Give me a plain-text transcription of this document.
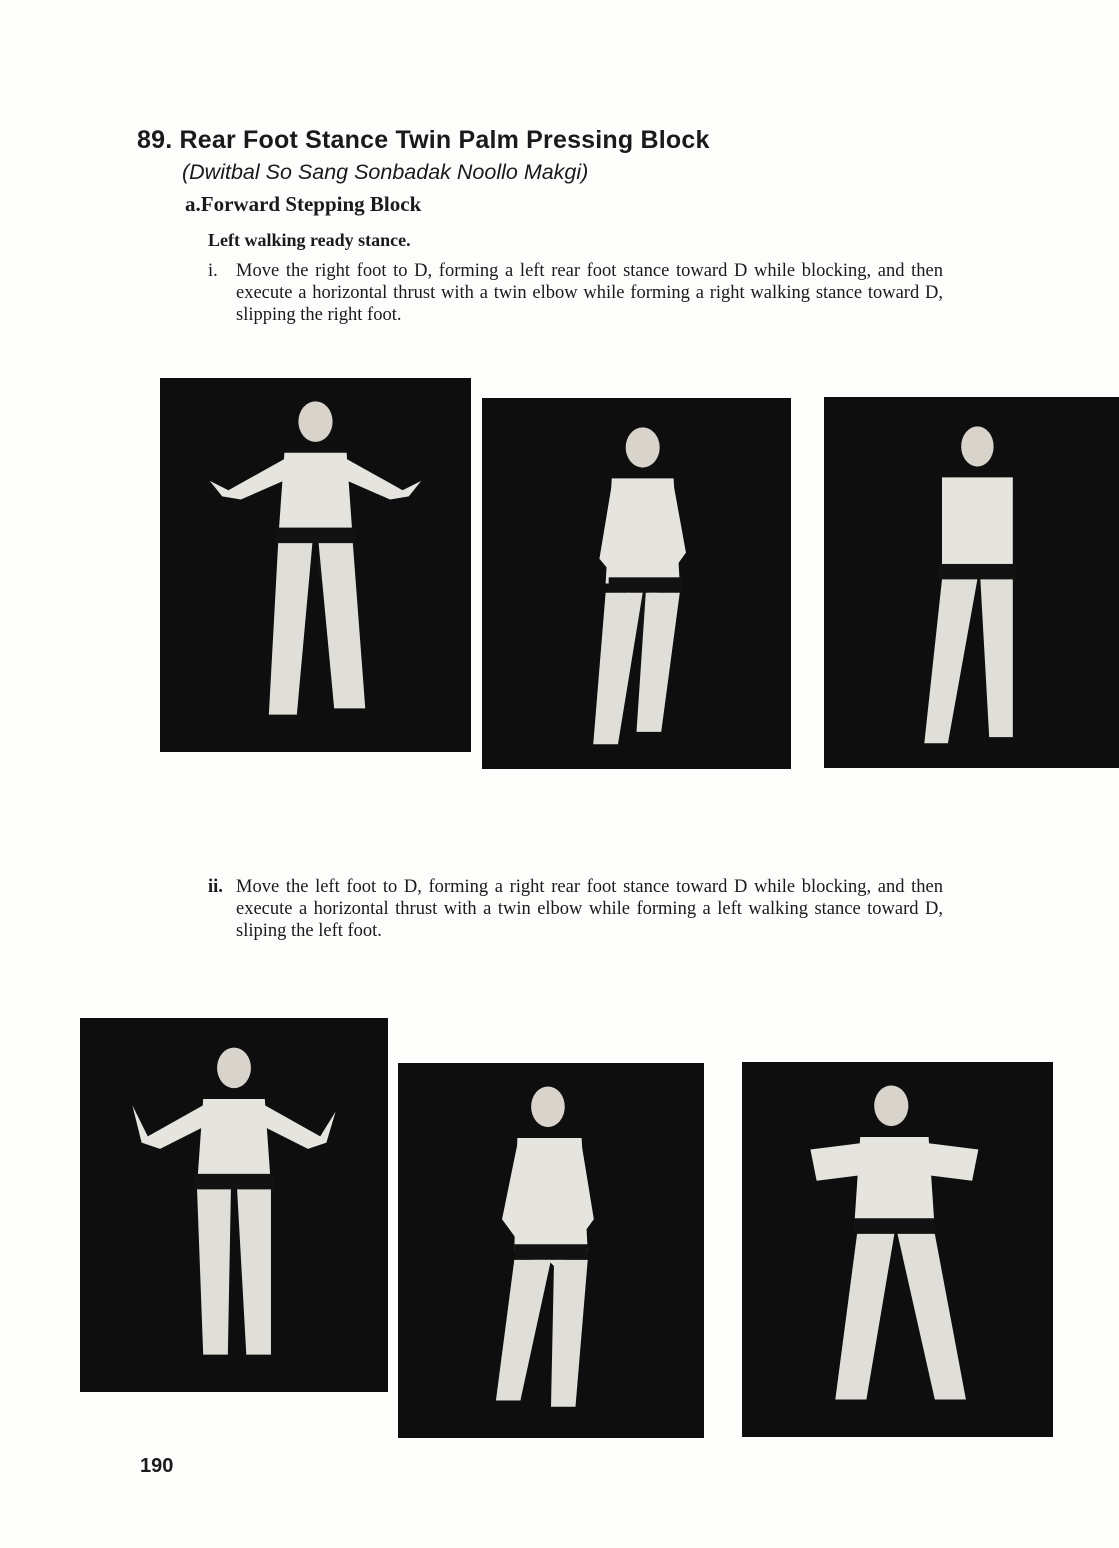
89. Rear Foot Stance Twin Palm Pressing Block
(Dwitbal So Sang Sonbadak Noollo Makgi)
a.Forward Stepping Block
Left walking ready stance.
i. Move the right foot to D, forming a left rear foot stance toward D while blocking, and then execute a horizontal thrust with a twin elbow while forming a right walking stance toward D, slipping the right foot.
ii. Move the left foot to D, forming a right rear foot stance toward D while blocking, and then execute a horizontal thrust with a twin elbow while forming a left walking stance toward D, sliping the left foot.
190
